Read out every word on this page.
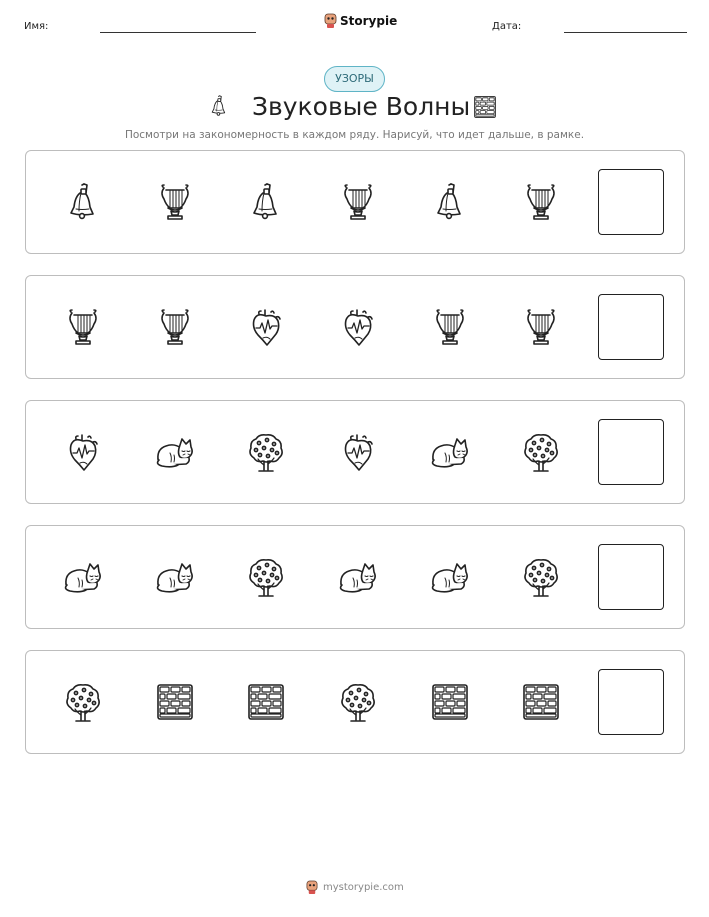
Имя:	Storypie	Дата:
УЗОРЫ
Звуковые Волны
Посмотри на закономерность в каждом ряду. Нарисуй, что идет дальше, в рамке.
mystorypie.com
